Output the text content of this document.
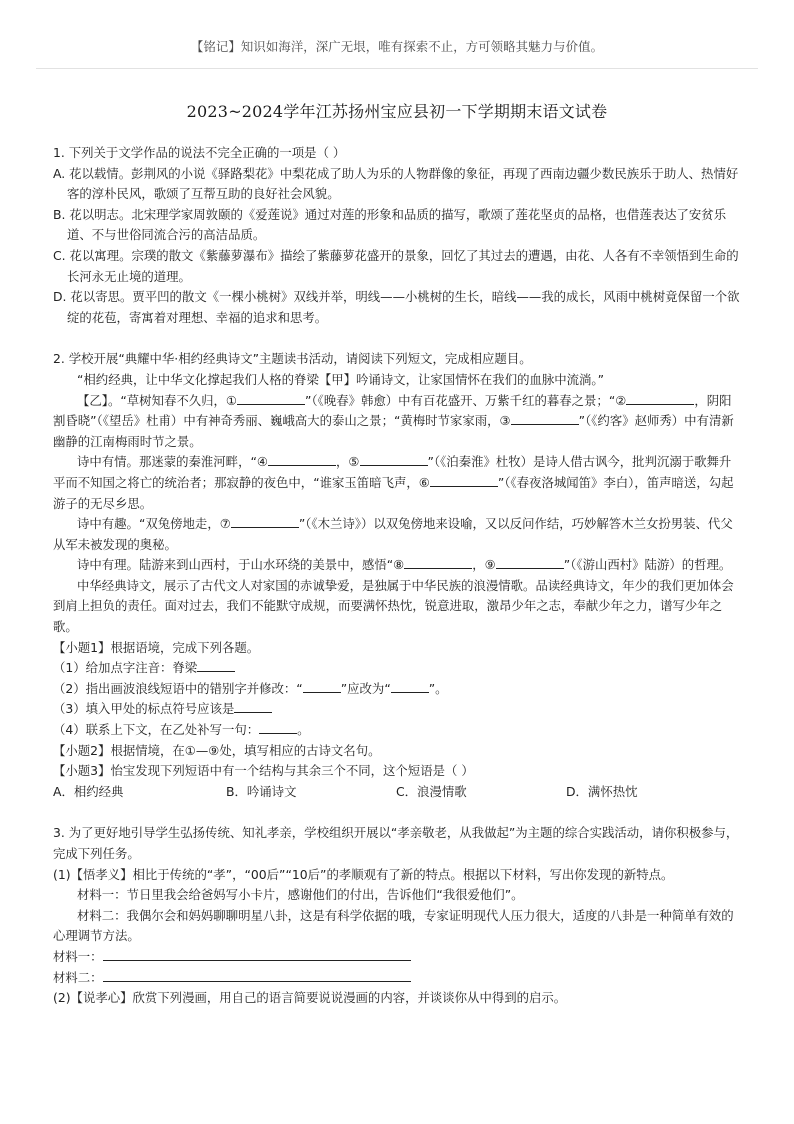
【铭记】知识如海洋，深广无垠，唯有探索不止，方可领略其魅力与价值。
2023~2024学年江苏扬州宝应县初一下学期期末语文试卷

1. 下列关于文学作品的说法不完全正确的一项是（ ）

A. 花以载情。彭荆风的小说《驿路梨花》中梨花成了助人为乐的人物群像的象征，再现了西南边疆少数民族乐于助人、热情好客的淳朴民风，歌颂了互帮互助的良好社会风貌。

B. 花以明志。北宋理学家周敦颐的《爱莲说》通过对莲的形象和品质的描写，歌颂了莲花坚贞的品格，也借莲表达了安贫乐道、不与世俗同流合污的高洁品质。

C. 花以寓理。宗璞的散文《紫藤萝瀑布》描绘了紫藤萝花盛开的景象，回忆了其过去的遭遇，由花、人各有不幸领悟到生命的长河永无止境的道理。

D. 花以寄思。贾平凹的散文《一棵小桃树》双线并举，明线——小桃树的生长，暗线——我的成长，风雨中桃树竟保留一个欲绽的花苞，寄寓着对理想、幸福的追求和思考。

2. 学校开展“典耀中华·相约经典诗文”主题读书活动，请阅读下列短文，完成相应题目。

“相约经典，让中华文化撑起我们人格的脊梁【甲】吟诵诗文，让家国情怀在我们的血脉中流淌。”

【乙】。“草树知春不久归，①	”（《晚春》韩愈）中有百花盛开、万紫千红的暮春之景；“②	，阴阳割昏晓”（《望岳》杜甫）中有神奇秀丽、巍峨高大的泰山之景；“黄梅时节家家雨，③	”（《约客》赵师秀）中有清新幽静的江南梅雨时节之景。

诗中有情。那迷蒙的秦淮河畔，“④	，⑤	”（《泊秦淮》杜牧）是诗人借古讽今，批判沉溺于歌舞升平而不知国之将亡的统治者；那寂静的夜色中，“谁家玉笛暗飞声，⑥	”（《春夜洛城闻笛》李白），笛声暗送，勾起游子的无尽乡思。

诗中有趣。“双兔傍地走，⑦	”（《木兰诗》）以双兔傍地来设喻，又以反问作结，巧妙解答木兰女扮男装、代父从军未被发现的奥秘。

诗中有理。陆游来到山西村，于山水环绕的美景中，感悟“⑧	，⑨	”（《游山西村》陆游）的哲理。

中华经典诗文，展示了古代文人对家国的赤诚挚爱，是独属于中华民族的浪漫情歌。品读经典诗文，年少的我们更加体会到肩上担负的责任。面对过去，我们不能默守成规，而要满怀热忱，锐意进取，激昂少年之志，奉献少年之力，谱写少年之歌。

【小题1】根据语境，完成下列各题。

（1）给加点字注音：脊梁

（2）指出画波浪线短语中的错别字并修改：“	”应改为“	”。

（3）填入甲处的标点符号应该是

（4）联系上下文，在乙处补写一句：	。

【小题2】根据情境，在①—⑨处，填写相应的古诗文名句。

【小题3】怡宝发现下列短语中有一个结构与其余三个不同，这个短语是（ ）

A．相约经典	B．吟诵诗文	C．浪漫情歌	D．满怀热忱

3. 为了更好地引导学生弘扬传统、知礼孝亲，学校组织开展以“孝亲敬老，从我做起”为主题的综合实践活动，请你积极参与，完成下列任务。

(1)【悟孝义】相比于传统的“孝”，“00后”“10后”的孝顺观有了新的特点。根据以下材料，写出你发现的新特点。

材料一：节日里我会给爸妈写小卡片，感谢他们的付出，告诉他们“我很爱他们”。

材料二：我偶尔会和妈妈聊聊明星八卦，这是有科学依据的哦，专家证明现代人压力很大，适度的八卦是一种简单有效的心理调节方法。

材料一：

材料二：

(2)【说孝心】欣赏下列漫画，用自己的语言简要说说漫画的内容，并谈谈你从中得到的启示。
